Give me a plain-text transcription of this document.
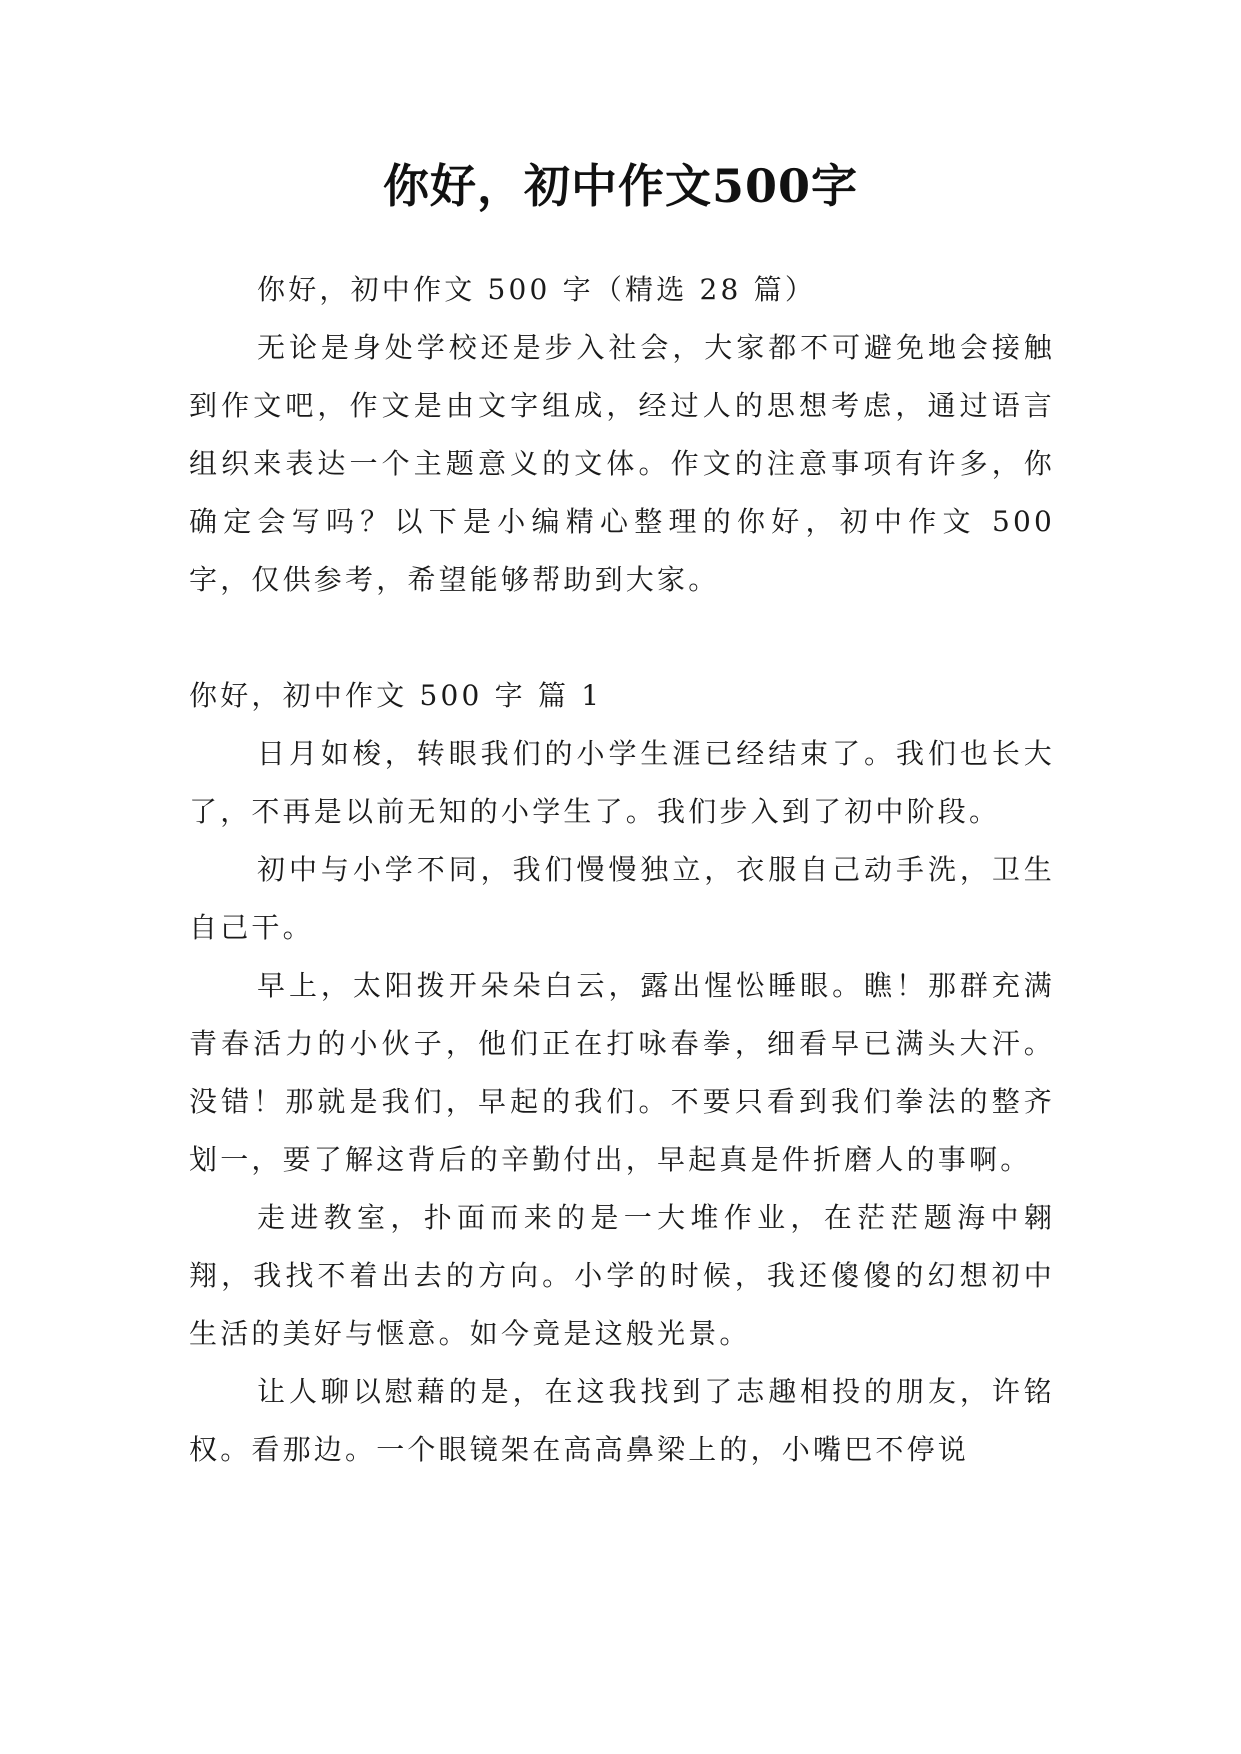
你好，初中作文500字

你好，初中作文 500 字（精选 28 篇）

无论是身处学校还是步入社会，大家都不可避免地会接触到作文吧，作文是由文字组成，经过人的思想考虑，通过语言组织来表达一个主题意义的文体。作文的注意事项有许多，你确定会写吗？以下是小编精心整理的你好，初中作文 500 字，仅供参考，希望能够帮助到大家。

你好，初中作文 500 字 篇 1

日月如梭，转眼我们的小学生涯已经结束了。我们也长大了，不再是以前无知的小学生了。我们步入到了初中阶段。

初中与小学不同，我们慢慢独立，衣服自己动手洗，卫生自己干。

早上，太阳拨开朵朵白云，露出惺忪睡眼。瞧！那群充满青春活力的小伙子，他们正在打咏春拳，细看早已满头大汗。没错！那就是我们，早起的我们。不要只看到我们拳法的整齐划一，要了解这背后的辛勤付出，早起真是件折磨人的事啊。

走进教室，扑面而来的是一大堆作业，在茫茫题海中翱翔，我找不着出去的方向。小学的时候，我还傻傻的幻想初中生活的美好与惬意。如今竟是这般光景。

让人聊以慰藉的是，在这我找到了志趣相投的朋友，许铭权。看那边。一个眼镜架在高高鼻梁上的，小嘴巴不停说
